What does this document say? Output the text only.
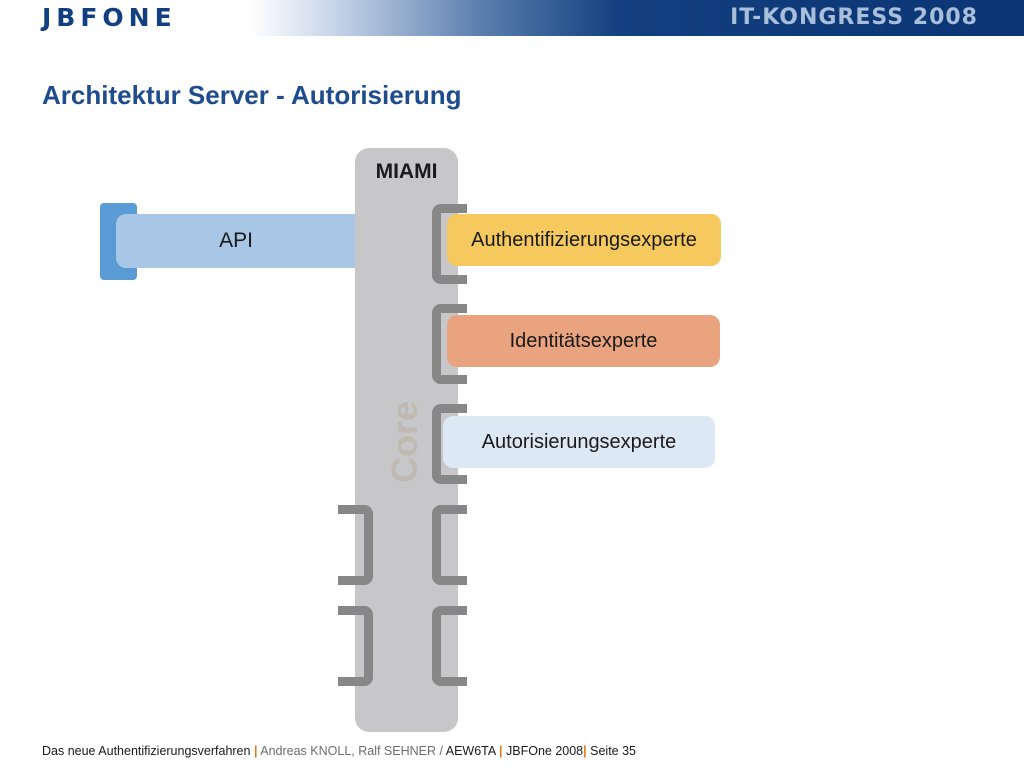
JBFONE	IT-KONGRESS 2008
Architektur Server - Autorisierung
API
MIAMI
Core
Authentifizierungsexperte
Identitätsexperte
Autorisierungsexperte
Das neue Authentifizierungsverfahren | Andreas KNOLL, Ralf SEHNER / AEW6TA | JBFOne 2008| Seite 35
